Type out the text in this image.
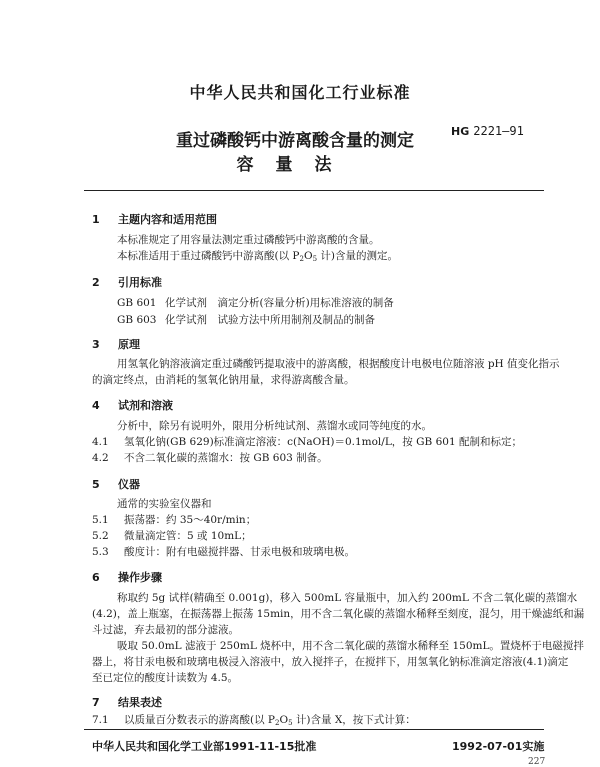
中华人民共和国化工行业标准
重过磷酸钙中游离酸含量的测定
容量法
HG 2221—91
1 主题内容和适用范围
本标准规定了用容量法测定重过磷酸钙中游离酸的含量。
本标准适用于重过磷酸钙中游离酸(以 $P_2O_5$ 计)含量的测定。
2 引用标准
GB 601 化学试剂　滴定分析(容量分析)用标准溶液的制备
GB 603 化学试剂　试验方法中所用制剂及制品的制备
3 原理
用氢氧化钠溶液滴定重过磷酸钙提取液中的游离酸，根据酸度计电极电位随溶液 pH 值变化指示
的滴定终点，由消耗的氢氧化钠用量，求得游离酸含量。
4 试剂和溶液
分析中，除另有说明外，限用分析纯试剂、蒸馏水或同等纯度的水。
4.1 氢氧化钠(GB 629)标准滴定溶液：c(NaOH)＝0.1mol/L，按 GB 601 配制和标定；
4.2 不含二氧化碳的蒸馏水：按 GB 603 制备。
5 仪器
通常的实验室仪器和
5.1 振荡器：约 35～40r/min；
5.2 微量滴定管：5 或 10mL；
5.3 酸度计：附有电磁搅拌器、甘汞电极和玻璃电极。
6 操作步骤
称取约 5g 试样(精确至 0.001g)，移入 500mL 容量瓶中，加入约 200mL 不含二氧化碳的蒸馏水
(4.2)，盖上瓶塞，在振荡器上振荡 15min，用不含二氧化碳的蒸馏水稀释至刻度，混匀，用干燥滤纸和漏
斗过滤，弃去最初的部分滤液。
吸取 50.0mL 滤液于 250mL 烧杯中，用不含二氧化碳的蒸馏水稀释至 150mL。置烧杯于电磁搅拌
器上，将甘汞电极和玻璃电极浸入溶液中，放入搅拌子，在搅拌下，用氢氧化钠标准滴定溶液(4.1)滴定
至已定位的酸度计读数为 4.5。
7 结果表述
7.1 以质量百分数表示的游离酸(以 $P_2O_5$ 计)含量 X，按下式计算：
中华人民共和国化学工业部1991-11-15批准	1992-07-01实施
227
